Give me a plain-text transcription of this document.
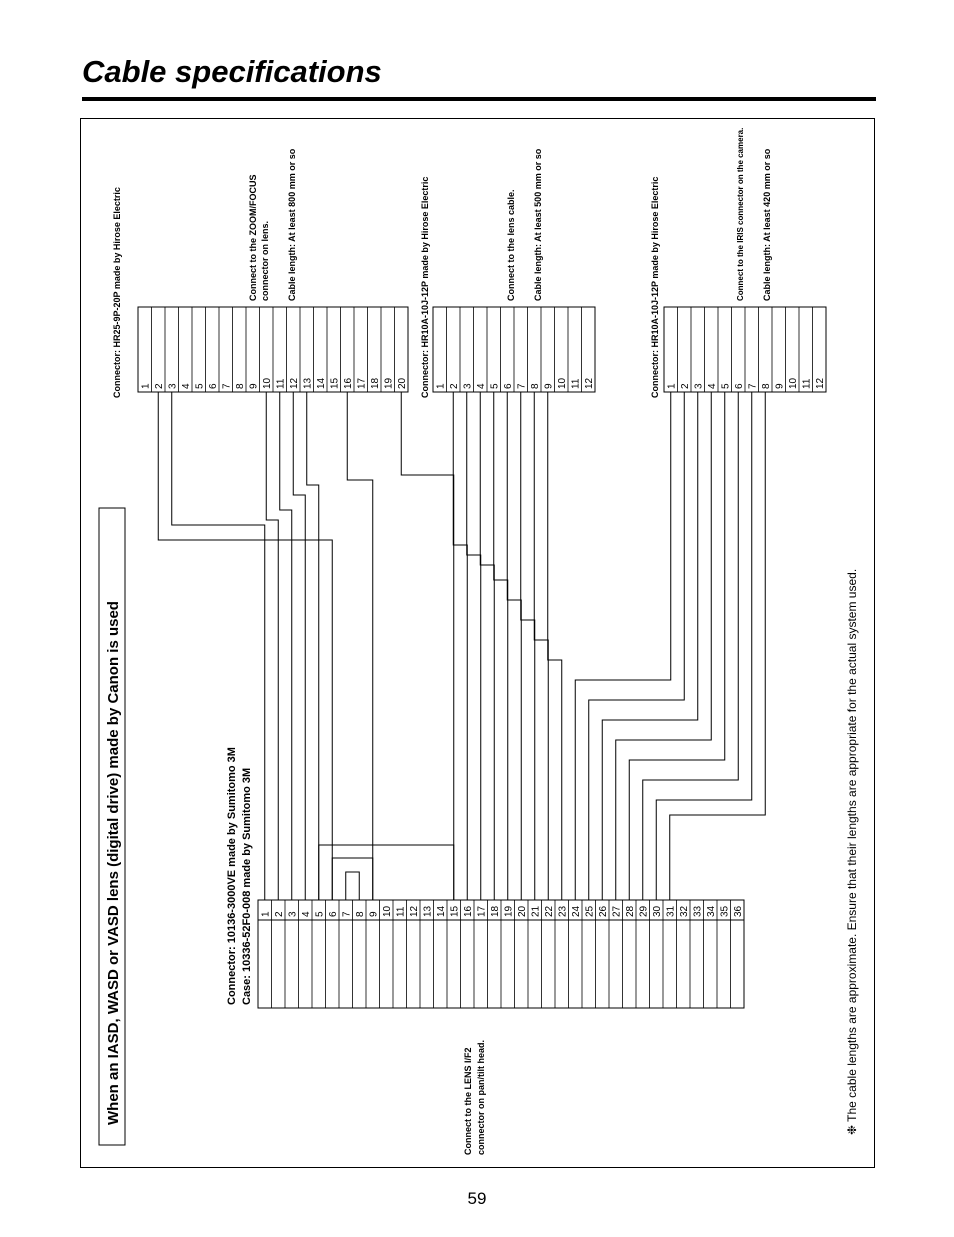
Cable specifications
When an IASD, WASD or VASD lens (digital drive) made by Canon is used	Connector: 10136-3000VE made by Sumitomo 3M Case: 10336-52F0-008 made by Sumitomo 3M
Connect to the LENS I/F2 connector on pan/tilt head.
Connector: HR25-9P-20P made by Hirose Electric	Connect to the ZOOM/FOCUS connector on lens. Cable length: At least 800 mm or so	Connector: HR10A-10J-12P made by Hirose Electric	Connect to the lens cable. Cable length: At least 500 mm or so	Connector: HR10A-10J-12P made by Hirose Electric	Connect to the IRIS connector on the camera. Cable length: At least 420 mm or so
❉ The cable lengths are approximate. Ensure that their lengths are appropriate for the actual system used.
1 2 3 4 5 6 7 8 9 10 11 12 13 14 15 16 17 18 19 20 21 22 23 24 25 26 27 28 29 30 31 32 33 34 35 36
1 2 3 4 5 6 7 8 9 10 11 12 13 14 15 16 17 18 19 20	1 2 3 4 5 6 7 8 9 10 11 12	1 2 3 4 5 6 7 8 9 10 11 12
59
